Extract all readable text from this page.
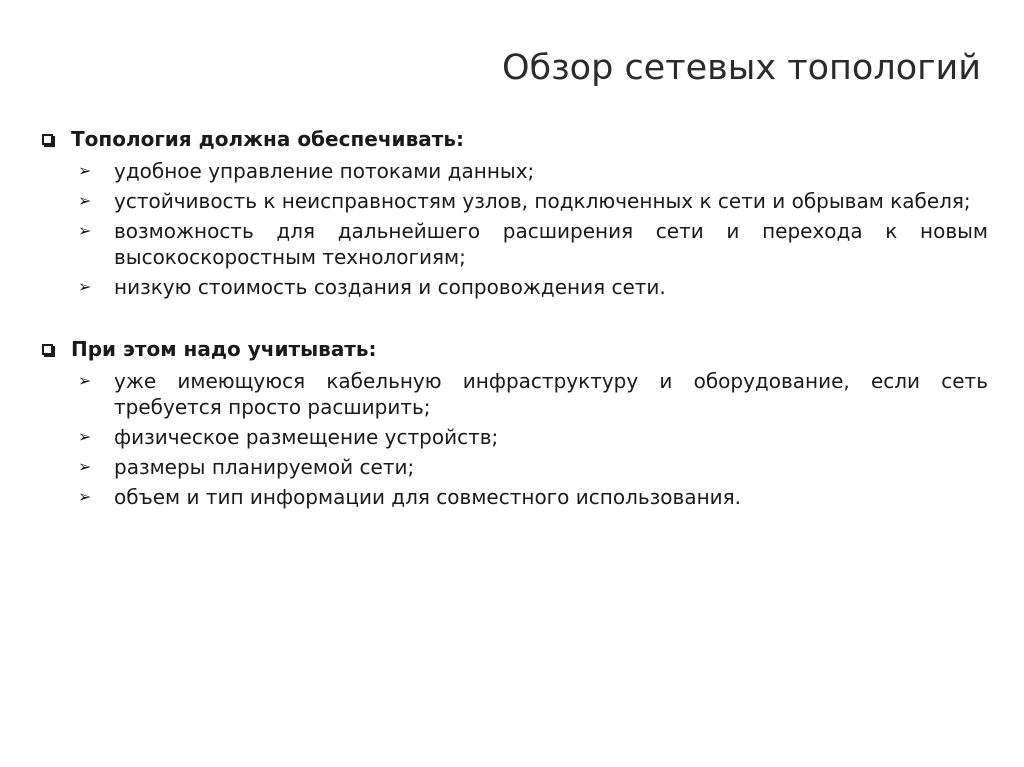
Обзор сетевых топологий
Топология должна обеспечивать:
➢	удобное управление потоками данных;
➢	устойчивость к неисправностям узлов, подключенных к сети и обрывам кабеля;
➢	возможность для дальнейшего расширения сети и перехода к новым высокоскоростным технологиям;
➢	низкую стоимость создания и сопровождения сети.
При этом надо учитывать:
➢	уже имеющуюся кабельную инфраструктуру и оборудование, если сеть требуется просто расширить;
➢	физическое размещение устройств;
➢	размеры планируемой сети;
➢	объем и тип информации для совместного использования.
